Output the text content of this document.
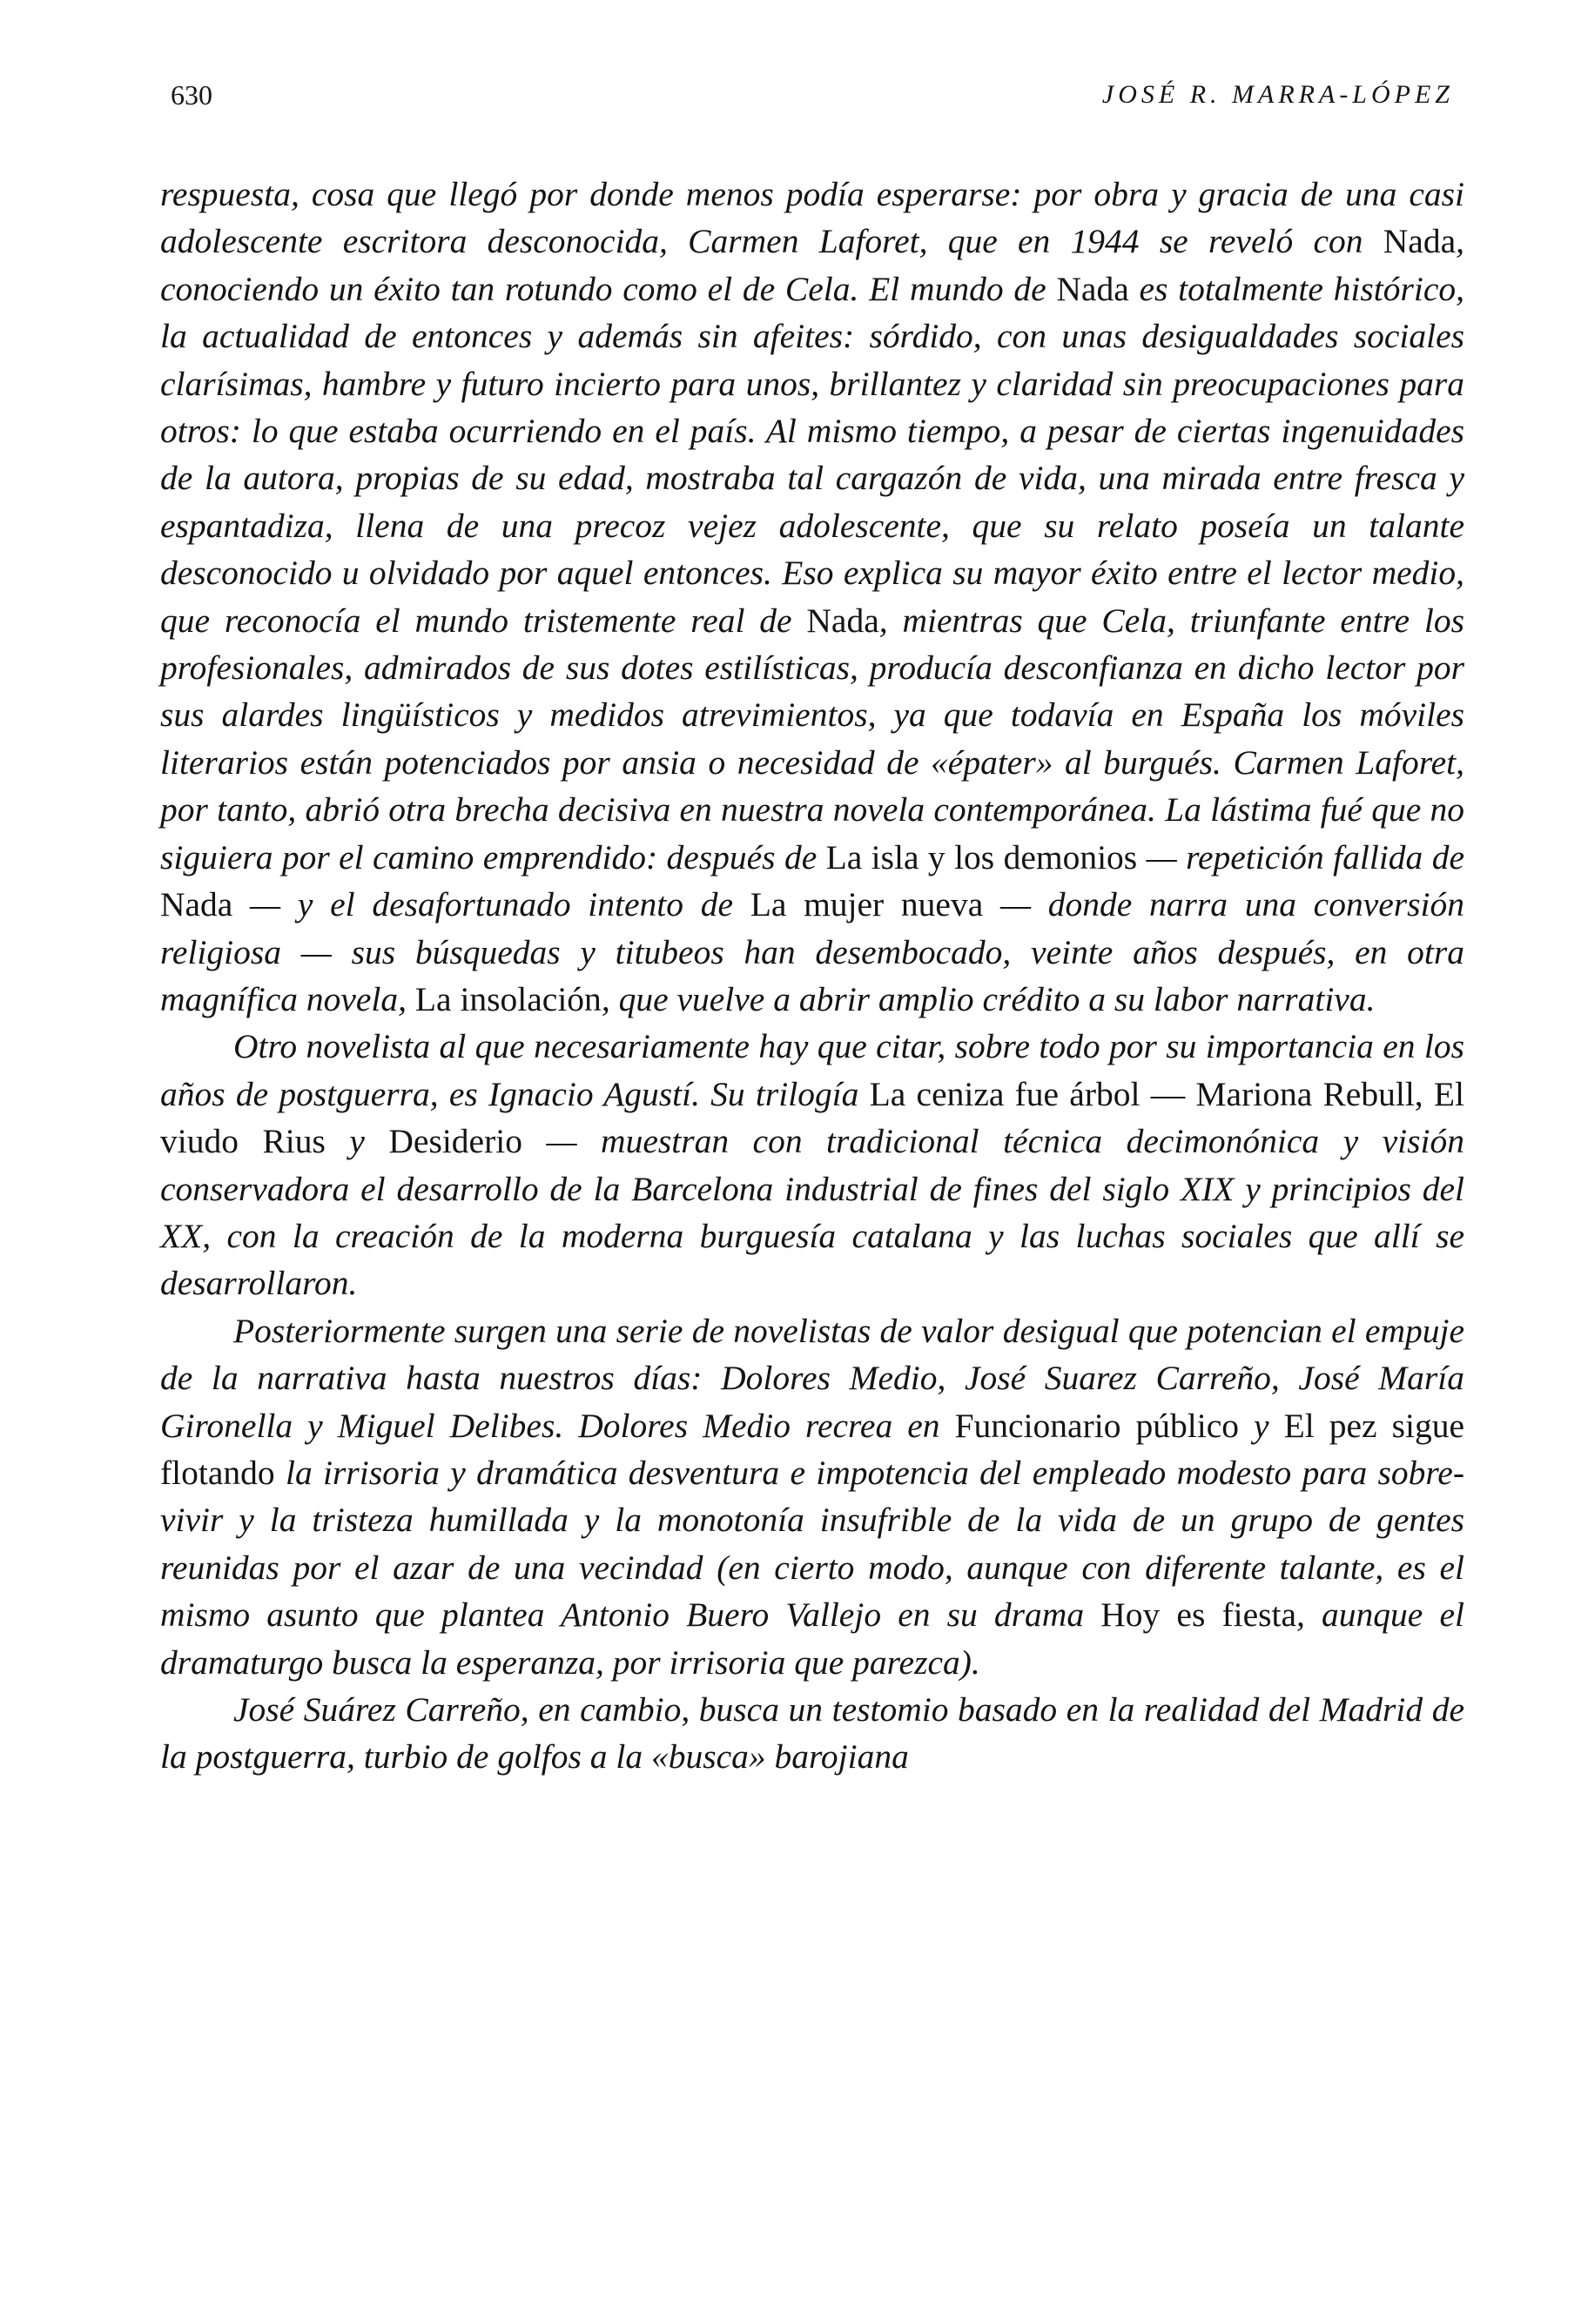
630	JOSÉ R. MARRA-LÓPEZ

respuesta, cosa que llegó por donde menos podía esperarse: por obra y gracia de una casi adolescente escritora desconocida, Carmen Laforet, que en 1944 se reveló con Nada, conociendo un éxito tan rotundo como el de Cela. El mundo de Nada es totalmente histórico, la actualidad de entonces y además sin afeites: sórdido, con unas desigualdades sociales clarísimas, hambre y futuro incierto para unos, brillantez y claridad sin preocupaciones para otros: lo que estaba ocurriendo en el país. Al mismo tiempo, a pesar de ciertas ingenuidades de la autora, propias de su edad, mostraba tal cargazón de vida, una mirada entre fresca y espantadiza, llena de una precoz vejez adolescente, que su relato poseía un talante desconocido u olvidado por aquel entonces. Eso explica su mayor éxito entre el lector medio, que reconocía el mundo tristemente real de Nada, mientras que Cela, triunfante entre los profesionales, admirados de sus dotes estilísticas, producía desconfianza en dicho lector por sus alardes lingüísticos y medidos atrevimientos, ya que todavía en España los móviles literarios están potenciados por ansia o necesidad de «épater» al burgués. Carmen Laforet, por tanto, abrió otra brecha decisiva en nuestra novela contemporánea. La lástima fué que no siguiera por el camino emprendido: después de La isla y los demonios — repetición fallida de Nada — y el desafortunado intento de La mujer nueva — donde narra una conversión religiosa — sus búsquedas y titubeos han desembocado, veinte años después, en otra magnífica novela, La insolación, que vuelve a abrir amplio crédito a su labor narrativa.

Otro novelista al que necesariamente hay que citar, sobre todo por su importancia en los años de postguerra, es Ignacio Agustí. Su trilogía La ceniza fue árbol — Mariona Rebull, El viudo Rius y Desiderio — muestran con tradicional técnica decimonónica y visión conservadora el desarrollo de la Barcelona industrial de fines del siglo XIX y principios del XX, con la creación de la moderna burguesía catalana y las luchas sociales que allí se desarrollaron.

Posteriormente surgen una serie de novelistas de valor desigual que potencian el empuje de la narrativa hasta nuestros días: Dolores Medio, José Suarez Carreño, José María Gironella y Miguel Delibes. Dolores Medio recrea en Funcionario público y El pez sigue flotando la irrisoria y dramática desventura e impotencia del empleado modesto para sobrevivir y la tristeza humillada y la monotonía insufrible de la vida de un grupo de gentes reunidas por el azar de una vecindad (en cierto modo, aunque con diferente talante, es el mismo asunto que plantea Antonio Buero Vallejo en su drama Hoy es fiesta, aunque el dramaturgo busca la esperanza, por irrisoria que parezca).

José Suárez Carreño, en cambio, busca un testomio basado en la realidad del Madrid de la postguerra, turbio de golfos a la «busca» barojiana
